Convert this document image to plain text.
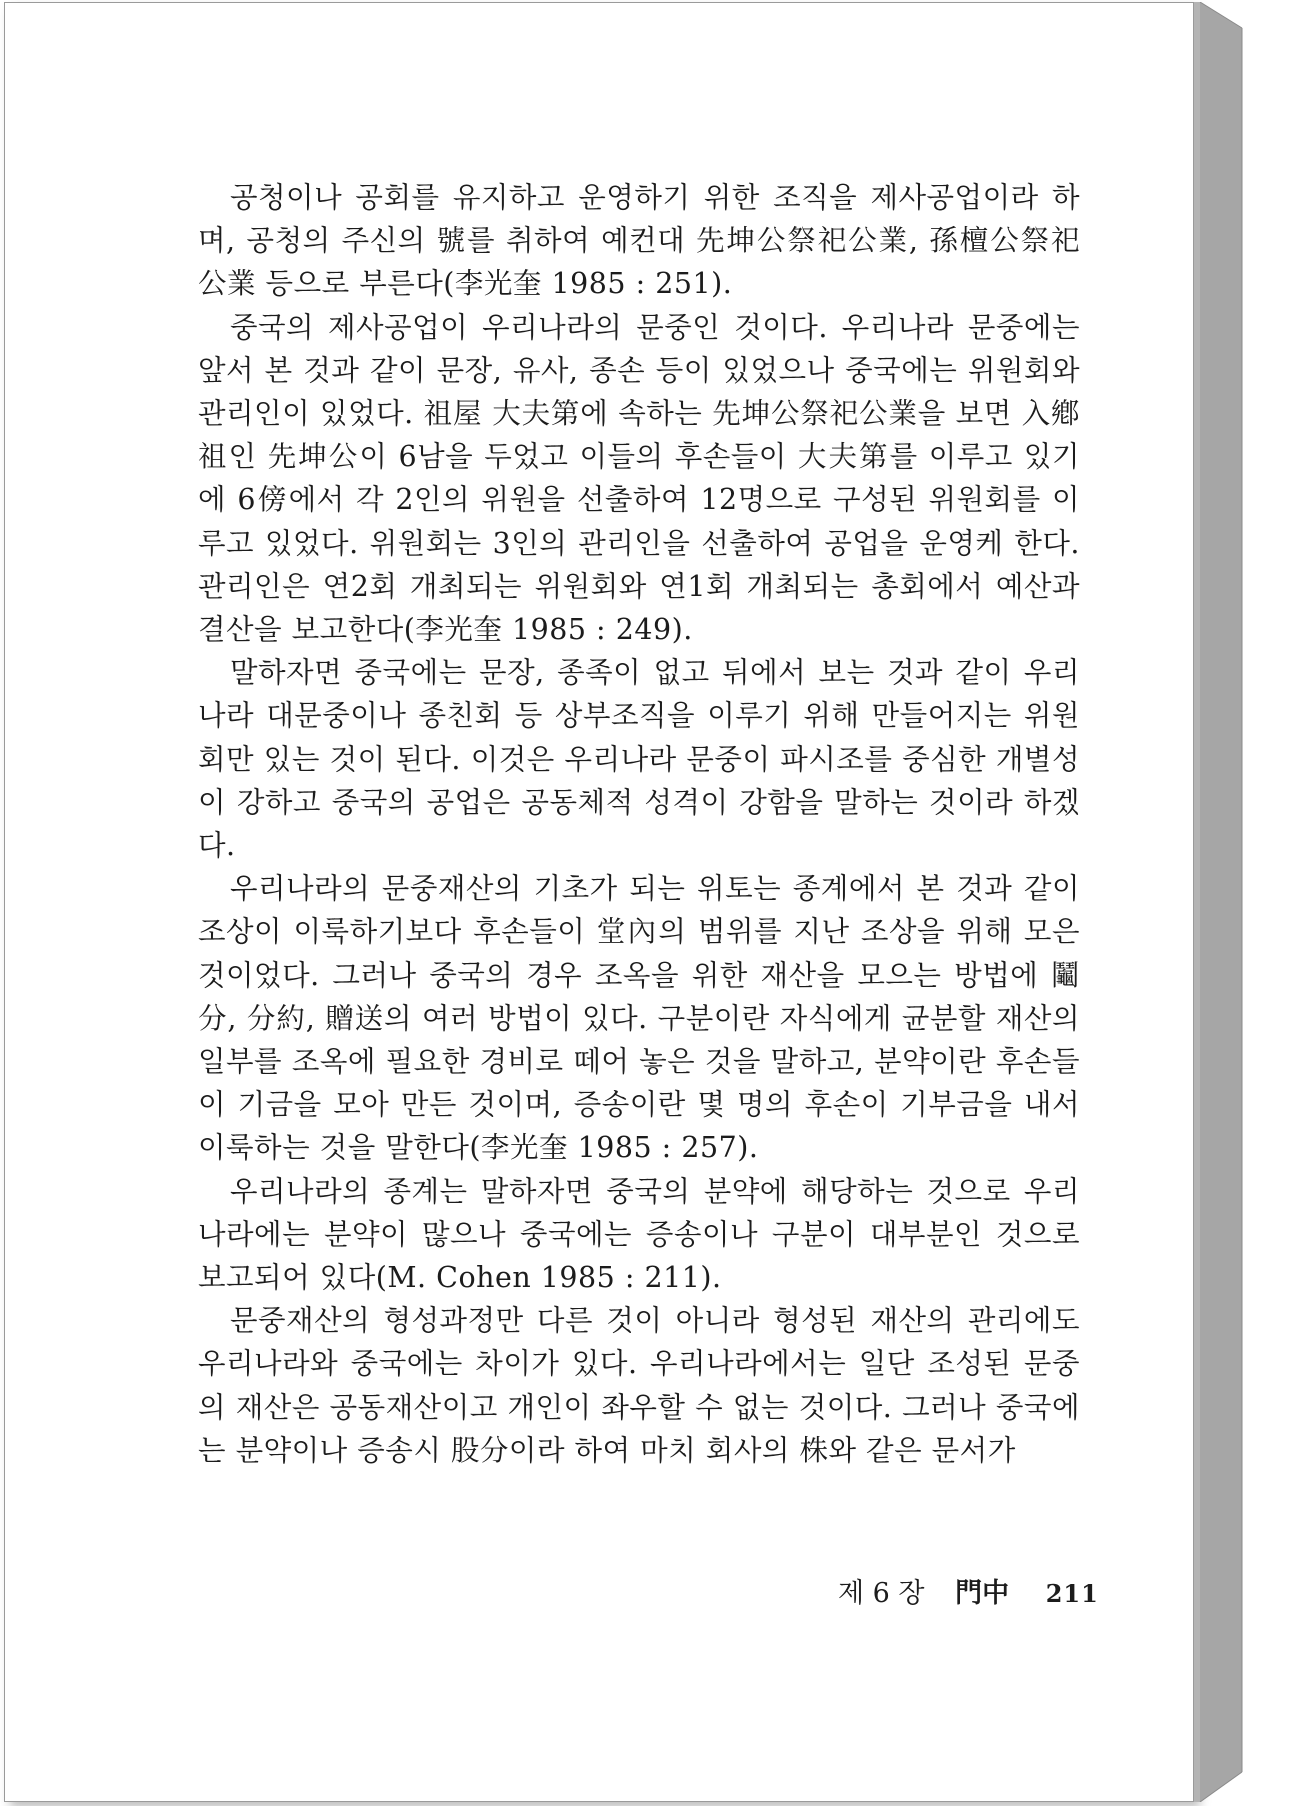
공청이나 공회를 유지하고 운영하기 위한 조직을 제사공업이라 하며, 공청의 주신의 號를 취하여 예컨대 先坤公祭祀公業, 孫檀公祭祀公業 등으로 부른다(李光奎 1985 : 251).

중국의 제사공업이 우리나라의 문중인 것이다. 우리나라 문중에는 앞서 본 것과 같이 문장, 유사, 종손 등이 있었으나 중국에는 위원회와 관리인이 있었다. 祖屋 大夫第에 속하는 先坤公祭祀公業을 보면 入鄕祖인 先坤公이 6남을 두었고 이들의 후손들이 大夫第를 이루고 있기에 6傍에서 각 2인의 위원을 선출하여 12명으로 구성된 위원회를 이루고 있었다. 위원회는 3인의 관리인을 선출하여 공업을 운영케 한다. 관리인은 연2회 개최되는 위원회와 연1회 개최되는 총회에서 예산과 결산을 보고한다(李光奎 1985 : 249).

말하자면 중국에는 문장, 종족이 없고 뒤에서 보는 것과 같이 우리나라 대문중이나 종친회 등 상부조직을 이루기 위해 만들어지는 위원회만 있는 것이 된다. 이것은 우리나라 문중이 파시조를 중심한 개별성이 강하고 중국의 공업은 공동체적 성격이 강함을 말하는 것이라 하겠다.

우리나라의 문중재산의 기초가 되는 위토는 종계에서 본 것과 같이 조상이 이룩하기보다 후손들이 堂內의 범위를 지난 조상을 위해 모은 것이었다. 그러나 중국의 경우 조옥을 위한 재산을 모으는 방법에 鬮分, 分約, 贈送의 여러 방법이 있다. 구분이란 자식에게 균분할 재산의 일부를 조옥에 필요한 경비로 떼어 놓은 것을 말하고, 분약이란 후손들이 기금을 모아 만든 것이며, 증송이란 몇 명의 후손이 기부금을 내서 이룩하는 것을 말한다(李光奎 1985 : 257).

우리나라의 종계는 말하자면 중국의 분약에 해당하는 것으로 우리나라에는 분약이 많으나 중국에는 증송이나 구분이 대부분인 것으로 보고되어 있다(M. Cohen 1985 : 211).

문중재산의 형성과정만 다른 것이 아니라 형성된 재산의 관리에도 우리나라와 중국에는 차이가 있다. 우리나라에서는 일단 조성된 문중의 재산은 공동재산이고 개인이 좌우할 수 없는 것이다. 그러나 중국에는 분약이나 증송시 股分이라 하여 마치 회사의 株와 같은 문서가

제 6 장 門中 211
